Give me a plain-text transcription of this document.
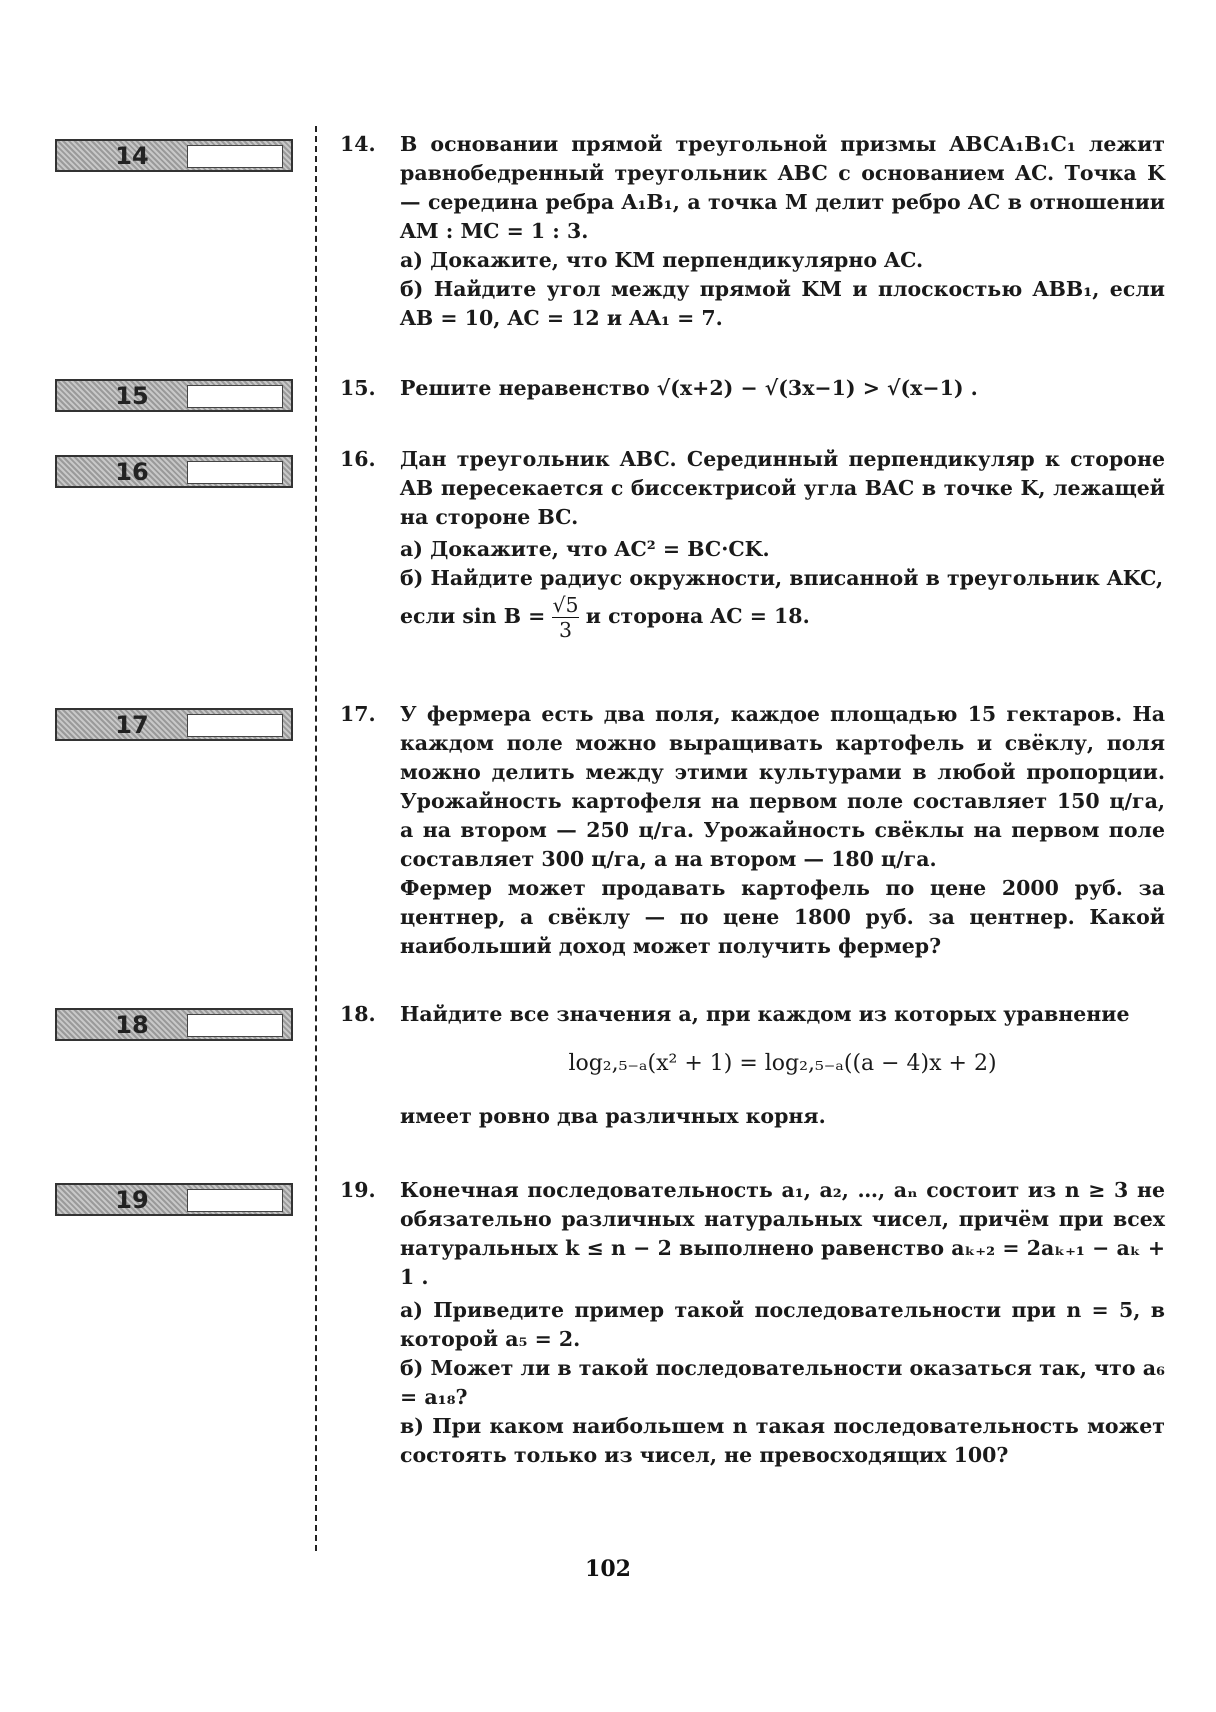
14
15
16
17
18
19
14.	В основании прямой треугольной призмы ABCA₁B₁C₁ лежит равнобедренный треугольник ABC с основанием AC. Точка K — середина ребра A₁B₁, а точка M делит ребро AC в отношении AM : MC = 1 : 3.

а) Докажите, что KM перпендикулярно AC.

б) Найдите угол между прямой KM и плоскостью ABB₁, если AB = 10, AC = 12 и AA₁ = 7.

15.	Решите неравенство √(x+2) − √(3x−1) > √(x−1) .

16.	Дан треугольник ABC. Серединный перпендикуляр к стороне AB пересекается с биссектрисой угла BAC в точке K, лежащей на стороне BC.

а) Докажите, что AC² = BC·CK.

б) Найдите радиус окружности, вписанной в треугольник AKC,

если $\sin B = \frac{√5}{3}$ и сторона AC = 18.

17.	У фермера есть два поля, каждое площадью 15 гектаров. На каждом поле можно выращивать картофель и свёклу, поля можно делить между этими культурами в любой пропорции. Урожайность картофеля на первом поле составляет 150 ц/га, а на втором — 250 ц/га. Урожайность свёклы на первом поле составляет 300 ц/га, а на втором — 180 ц/га.

Фермер может продавать картофель по цене 2000 руб. за центнер, а свёклу — по цене 1800 руб. за центнер. Какой наибольший доход может получить фермер?

18.	Найдите все значения a, при каждом из которых уравнение

log₂,₅₋ₐ(x² + 1) = log₂,₅₋ₐ((a − 4)x + 2)

имеет ровно два различных корня.

19.	Конечная последовательность a₁, a₂, …, aₙ состоит из n ≥ 3 не обязательно различных натуральных чисел, причём при всех натуральных k ≤ n − 2 выполнено равенство aₖ₊₂ = 2aₖ₊₁ − aₖ + 1 .

а) Приведите пример такой последовательности при n = 5, в которой a₅ = 2.

б) Может ли в такой последовательности оказаться так, что a₆ = a₁₈?

в) При каком наибольшем n такая последовательность может состоять только из чисел, не превосходящих 100?

102
